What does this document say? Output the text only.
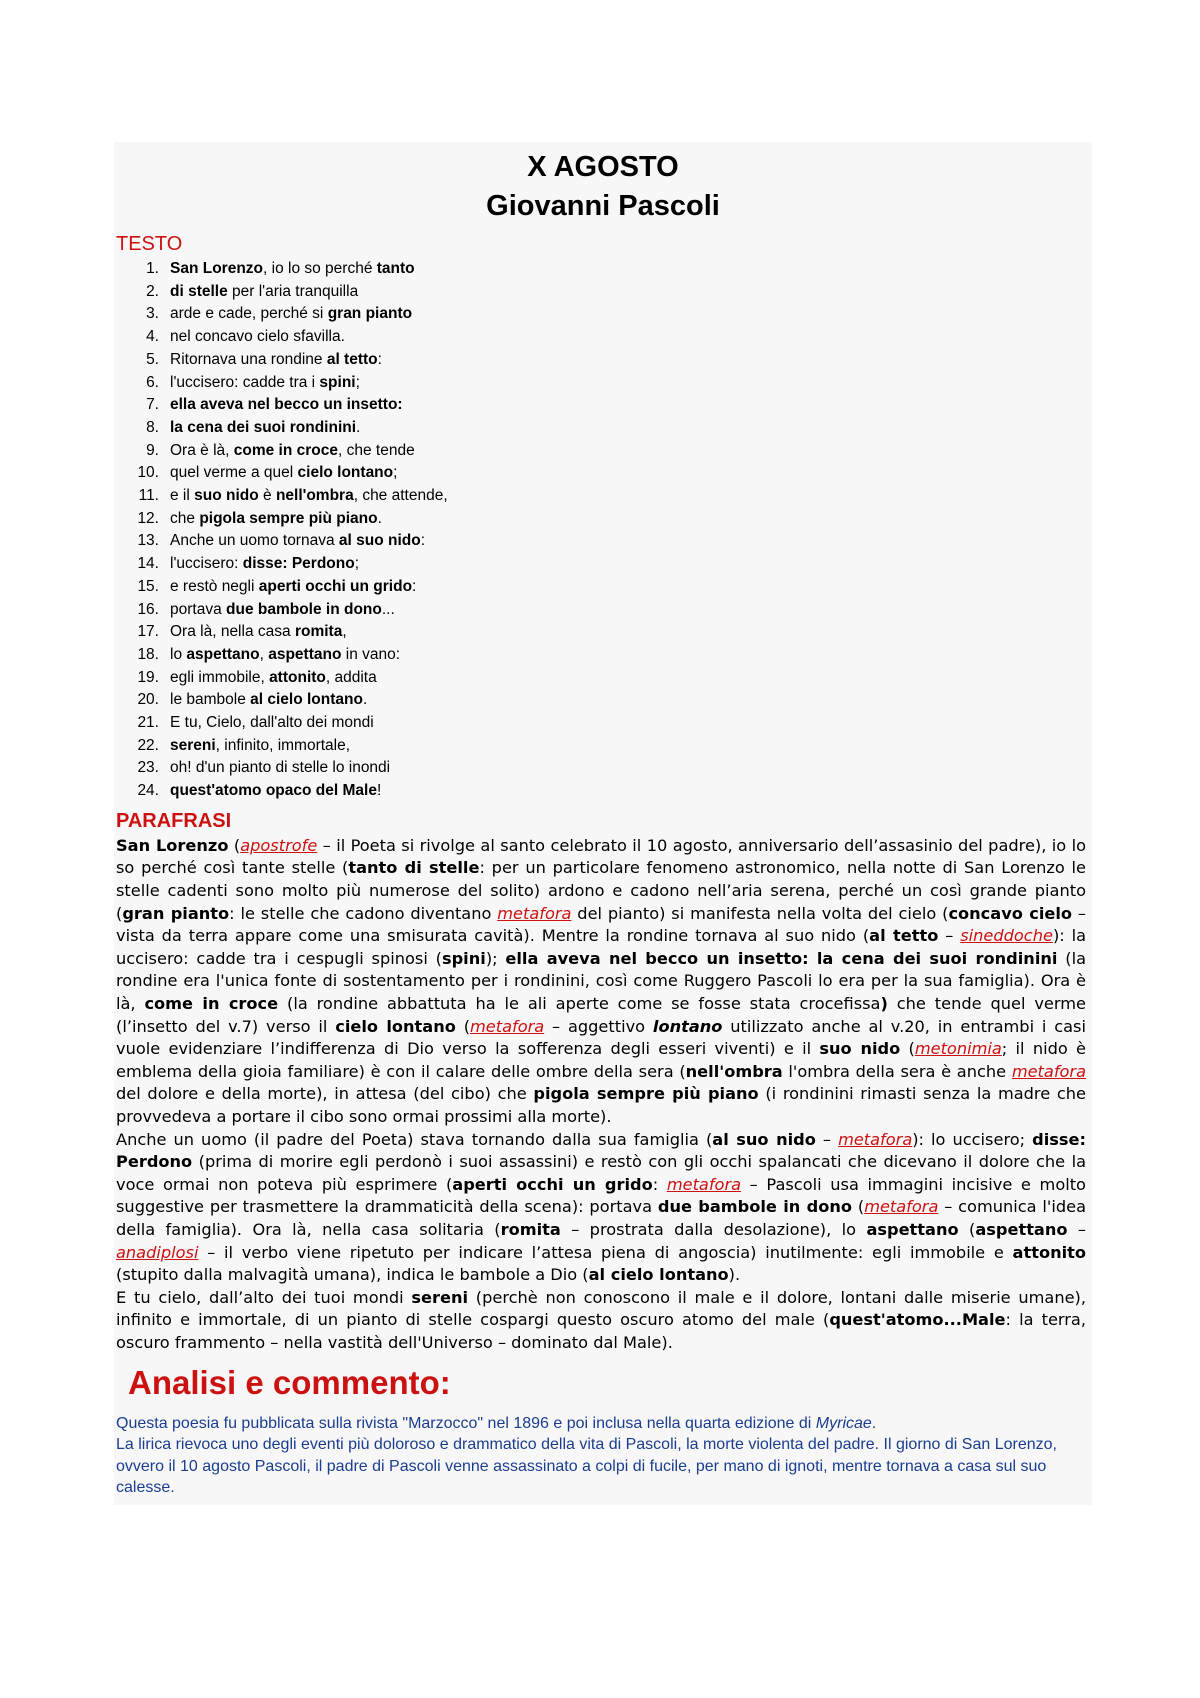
X AGOSTO
Giovanni Pascoli
TESTO
1. San Lorenzo, io lo so perché tanto
2. di stelle per l'aria tranquilla
3. arde e cade, perché si gran pianto
4. nel concavo cielo sfavilla.
5. Ritornava una rondine al tetto:
6. l'uccisero: cadde tra i spini;
7. ella aveva nel becco un insetto:
8. la cena dei suoi rondinini.
9. Ora è là, come in croce, che tende
10. quel verme a quel cielo lontano;
11. e il suo nido è nell'ombra, che attende,
12. che pigola sempre più piano.
13. Anche un uomo tornava al suo nido:
14. l'uccisero: disse: Perdono;
15. e restò negli aperti occhi un grido:
16. portava due bambole in dono...
17. Ora là, nella casa romita,
18. lo aspettano, aspettano in vano:
19. egli immobile, attonito, addita
20. le bambole al cielo lontano.
21. E tu, Cielo, dall'alto dei mondi
22. sereni, infinito, immortale,
23. oh! d'un pianto di stelle lo inondi
24. quest'atomo opaco del Male!
PARAFRASI

San Lorenzo (apostrofe – il Poeta si rivolge al santo celebrato il 10 agosto, anniversario dell’assasinio del padre), io lo so perché così tante stelle (tanto di stelle: per un particolare fenomeno astronomico, nella notte di San Lorenzo le stelle cadenti sono molto più numerose del solito) ardono e cadono nell’aria serena, perché un così grande pianto (gran pianto: le stelle che cadono diventano metafora del pianto) si manifesta nella volta del cielo (concavo cielo – vista da terra appare come una smisurata cavità). Mentre la rondine tornava al suo nido (al tetto – sineddoche): la uccisero: cadde tra i cespugli spinosi (spini); ella aveva nel becco un insetto: la cena dei suoi rondinini (la rondine era l'unica fonte di sostentamento per i rondinini, così come Ruggero Pascoli lo era per la sua famiglia). Ora è là, come in croce (la rondine abbattuta ha le ali aperte come se fosse stata crocefissa) che tende quel verme (l’insetto del v.7) verso il cielo lontano (metafora – aggettivo lontano utilizzato anche al v.20, in entrambi i casi vuole evidenziare l’indifferenza di Dio verso la sofferenza degli esseri viventi) e il suo nido (metonimia; il nido è emblema della gioia familiare) è con il calare delle ombre della sera (nell'ombra l'ombra della sera è anche metafora del dolore e della morte), in attesa (del cibo) che pigola sempre più piano (i rondinini rimasti senza la madre che provvedeva a portare il cibo sono ormai prossimi alla morte).

Anche un uomo (il padre del Poeta) stava tornando dalla sua famiglia (al suo nido – metafora): lo uccisero; disse: Perdono (prima di morire egli perdonò i suoi assassini) e restò con gli occhi spalancati che dicevano il dolore che la voce ormai non poteva più esprimere (aperti occhi un grido: metafora – Pascoli usa immagini incisive e molto suggestive per trasmettere la drammaticità della scena): portava due bambole in dono (metafora – comunica l'idea della famiglia). Ora là, nella casa solitaria (romita – prostrata dalla desolazione), lo aspettano (aspettano – anadiplosi – il verbo viene ripetuto per indicare l’attesa piena di angoscia) inutilmente: egli immobile e attonito (stupito dalla malvagità umana), indica le bambole a Dio (al cielo lontano).

E tu cielo, dall’alto dei tuoi mondi sereni (perchè non conoscono il male e il dolore, lontani dalle miserie umane), infinito e immortale, di un pianto di stelle cospargi questo oscuro atomo del male (quest'atomo...Male: la terra, oscuro frammento – nella vastità dell'Universo – dominato dal Male).

Analisi e commento:

Questa poesia fu pubblicata sulla rivista "Marzocco" nel 1896 e poi inclusa nella quarta edizione di Myricae.

La lirica rievoca uno degli eventi più doloroso e drammatico della vita di Pascoli, la morte violenta del padre. Il giorno di San Lorenzo, ovvero il 10 agosto Pascoli, il padre di Pascoli venne assassinato a colpi di fucile, per mano di ignoti, mentre tornava a casa sul suo calesse.
